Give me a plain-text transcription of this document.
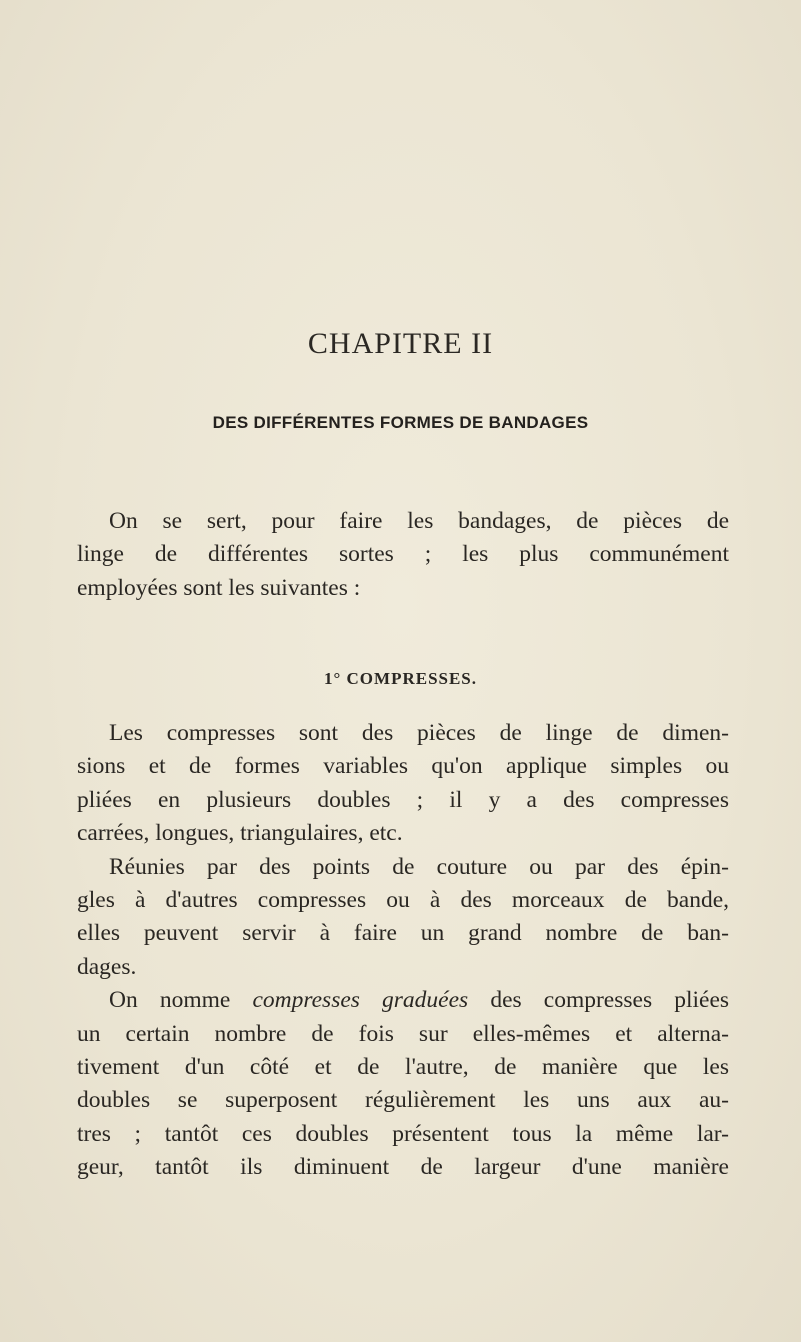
CHAPITRE II
DES DIFFÉRENTES FORMES DE BANDAGES
On se sert, pour faire les bandages, de pièces de
linge de différentes sortes ; les plus communément
employées sont les suivantes :
1° COMPRESSES.
Les compresses sont des pièces de linge de dimen-
sions et de formes variables qu'on applique simples ou
pliées en plusieurs doubles ; il y a des compresses
carrées, longues, triangulaires, etc.
Réunies par des points de couture ou par des épin-
gles à d'autres compresses ou à des morceaux de bande,
elles peuvent servir à faire un grand nombre de ban-
dages.
On nomme compresses graduées des compresses pliées
un certain nombre de fois sur elles-mêmes et alterna-
tivement d'un côté et de l'autre, de manière que les
doubles se superposent régulièrement les uns aux au-
tres ; tantôt ces doubles présentent tous la même lar-
geur, tantôt ils diminuent de largeur d'une manière
